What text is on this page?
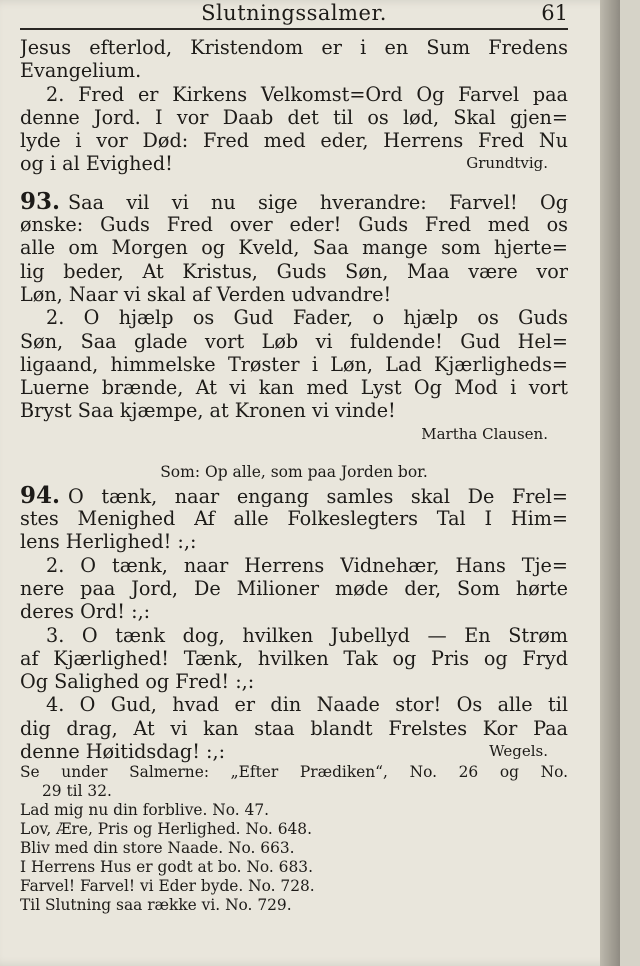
Slutningssalmer.	61
Jesus efterlod, Kristendom er i en Sum Fredens
Evangelium.
2. Fred er Kirkens Velkomst=Ord Og Farvel paa
denne Jord. I vor Daab det til os lød, Skal gjen=
lyde i vor Død: Fred med eder, Herrens Fred Nu
og i al Evighed!	Grundtvig.
93. Saa vil vi nu sige hverandre: Farvel! Og
ønske: Guds Fred over eder! Guds Fred med os
alle om Morgen og Kveld, Saa mange som hjerte=
lig beder, At Kristus, Guds Søn, Maa være vor
Løn, Naar vi skal af Verden udvandre!
2. O hjælp os Gud Fader, o hjælp os Guds
Søn, Saa glade vort Løb vi fuldende! Gud Hel=
ligaand, himmelske Trøster i Løn, Lad Kjærligheds=
Luerne brænde, At vi kan med Lyst Og Mod i vort
Bryst Saa kjæmpe, at Kronen vi vinde!
Martha Clausen.
Som: Op alle, som paa Jorden bor.
94. O tænk, naar engang samles skal De Frel=
stes Menighed Af alle Folkeslegters Tal I Him=
lens Herlighed! :,:
2. O tænk, naar Herrens Vidnehær, Hans Tje=
nere paa Jord, De Milioner møde der, Som hørte
deres Ord! :,:
3. O tænk dog, hvilken Jubellyd — En Strøm
af Kjærlighed! Tænk, hvilken Tak og Pris og Fryd
Og Salighed og Fred! :,:
4. O Gud, hvad er din Naade stor! Os alle til
dig drag, At vi kan staa blandt Frelstes Kor Paa
denne Høitidsdag! :,:	Wegels.
Se under Salmerne: „Efter Prædiken“, No. 26 og No.
29 til 32.
Lad mig nu din forblive. No. 47.
Lov, Ære, Pris og Herlighed. No. 648.
Bliv med din store Naade. No. 663.
I Herrens Hus er godt at bo. No. 683.
Farvel! Farvel! vi Eder byde. No. 728.
Til Slutning saa række vi. No. 729.
